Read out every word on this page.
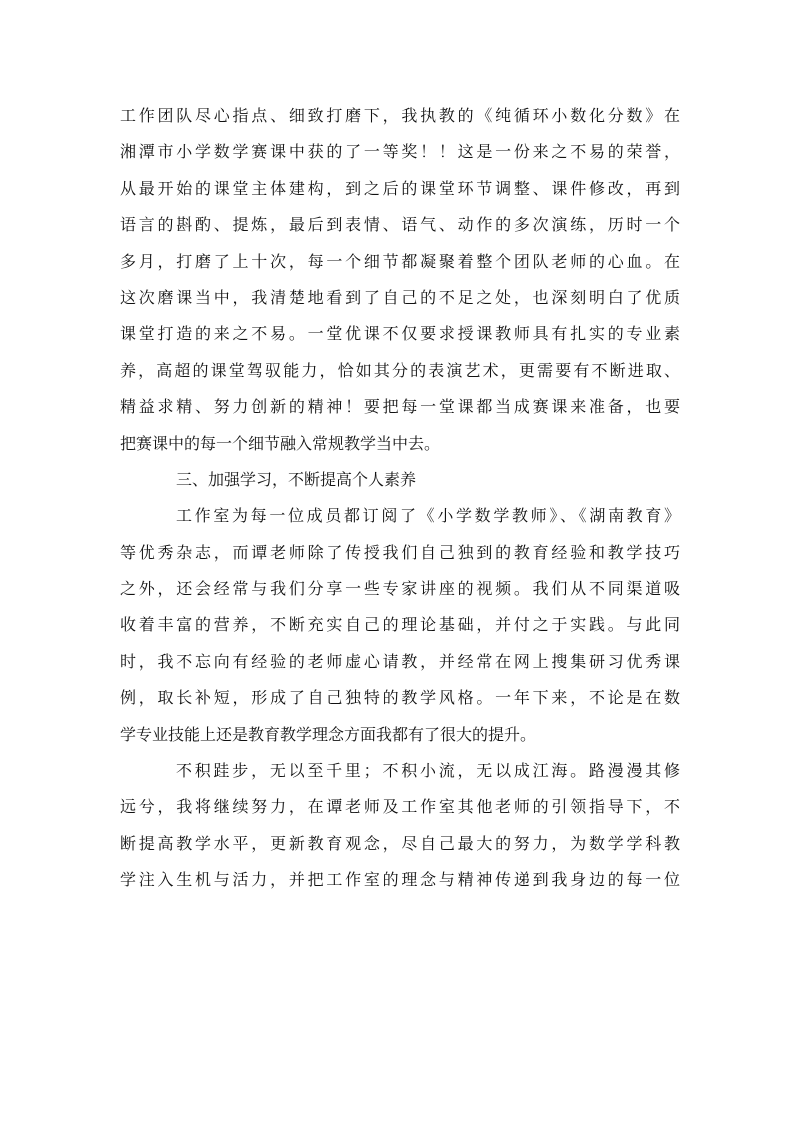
工作团队尽心指点、细致打磨下，我执教的《纯循环小数化分数》在
湘潭市小学数学赛课中获的了一等奖！！这是一份来之不易的荣誉，
从最开始的课堂主体建构，到之后的课堂环节调整、课件修改，再到
语言的斟酌、提炼，最后到表情、语气、动作的多次演练，历时一个
多月，打磨了上十次，每一个细节都凝聚着整个团队老师的心血。在
这次磨课当中，我清楚地看到了自己的不足之处，也深刻明白了优质
课堂打造的来之不易。一堂优课不仅要求授课教师具有扎实的专业素
养，高超的课堂驾驭能力，恰如其分的表演艺术，更需要有不断进取、
精益求精、努力创新的精神！要把每一堂课都当成赛课来准备，也要
把赛课中的每一个细节融入常规教学当中去。
三、加强学习，不断提高个人素养
工作室为每一位成员都订阅了《小学数学教师》、《湖南教育》
等优秀杂志，而谭老师除了传授我们自己独到的教育经验和教学技巧
之外，还会经常与我们分享一些专家讲座的视频。我们从不同渠道吸
收着丰富的营养，不断充实自己的理论基础，并付之于实践。与此同
时，我不忘向有经验的老师虚心请教，并经常在网上搜集研习优秀课
例，取长补短，形成了自己独特的教学风格。一年下来，不论是在数
学专业技能上还是教育教学理念方面我都有了很大的提升。
不积跬步，无以至千里；不积小流，无以成江海。路漫漫其修
远兮，我将继续努力，在谭老师及工作室其他老师的引领指导下，不
断提高教学水平，更新教育观念，尽自己最大的努力，为数学学科教
学注入生机与活力，并把工作室的理念与精神传递到我身边的每一位
